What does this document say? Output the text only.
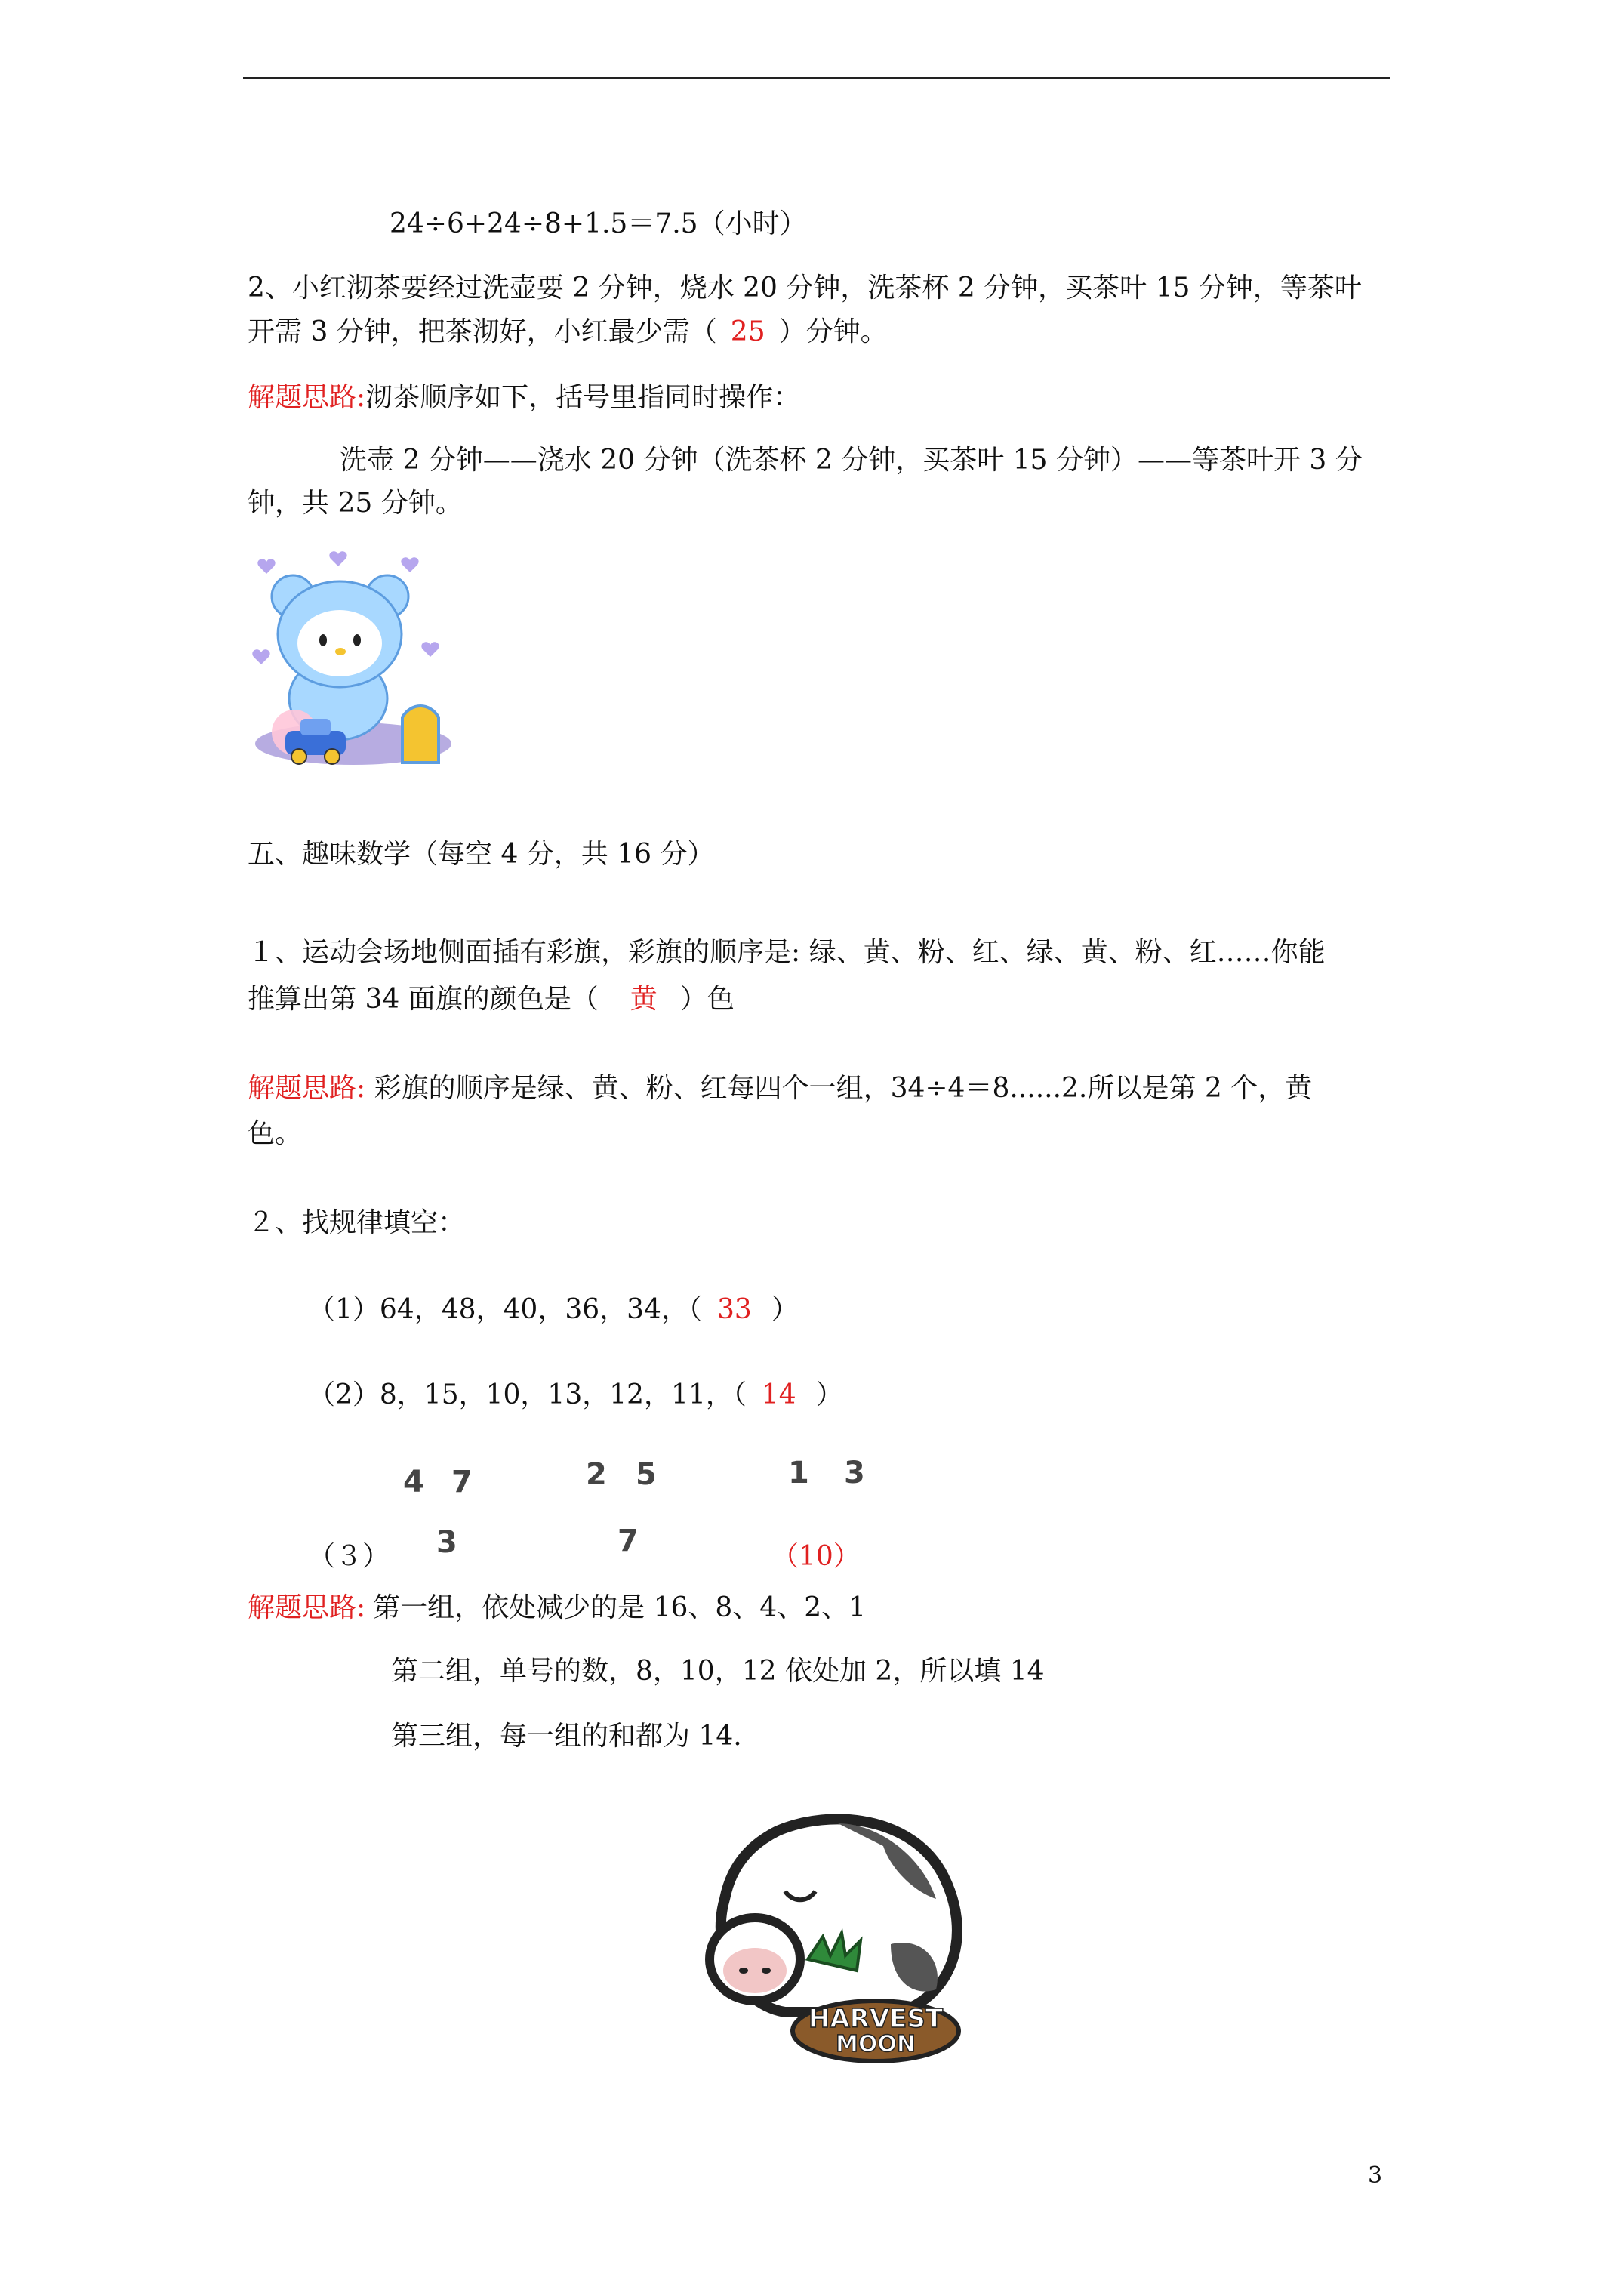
24÷6+24÷8+1.5＝7.5（小时）
2、小红沏茶要经过洗壶要 2 分钟，烧水 20 分钟，洗茶杯 2 分钟，买茶叶 15 分钟，等茶叶
开需 3 分钟，把茶沏好，小红最少需（ 25 ）分钟。
解题思路:沏茶顺序如下，括号里指同时操作：
洗壶 2 分钟——浇水 20 分钟（洗茶杯 2 分钟，买茶叶 15 分钟）——等茶叶开 3 分
钟，共 25 分钟。
五、趣味数学（每空 4 分，共 16 分）
１、运动会场地侧面插有彩旗，彩旗的顺序是: 绿、黄、粉、红、绿、黄、粉、红……你能
推算出第 34 面旗的颜色是（ 黄 ）色
解题思路: 彩旗的顺序是绿、黄、粉、红每四个一组，34÷4＝8......2.所以是第 2 个，黄
色。
２、找规律填空：
（1）64，48，40，36，34，（ 33 ）
（2）8，15，10，13，12，11，（ 14 ）
4 7
3
2 5
7
1 3
（３）	（10）
解题思路: 第一组，依处减少的是 16、8、4、2、1
第二组，单号的数，8，10，12 依处加 2，所以填 14
第三组，每一组的和都为 14.
HARVEST
MOON
3
